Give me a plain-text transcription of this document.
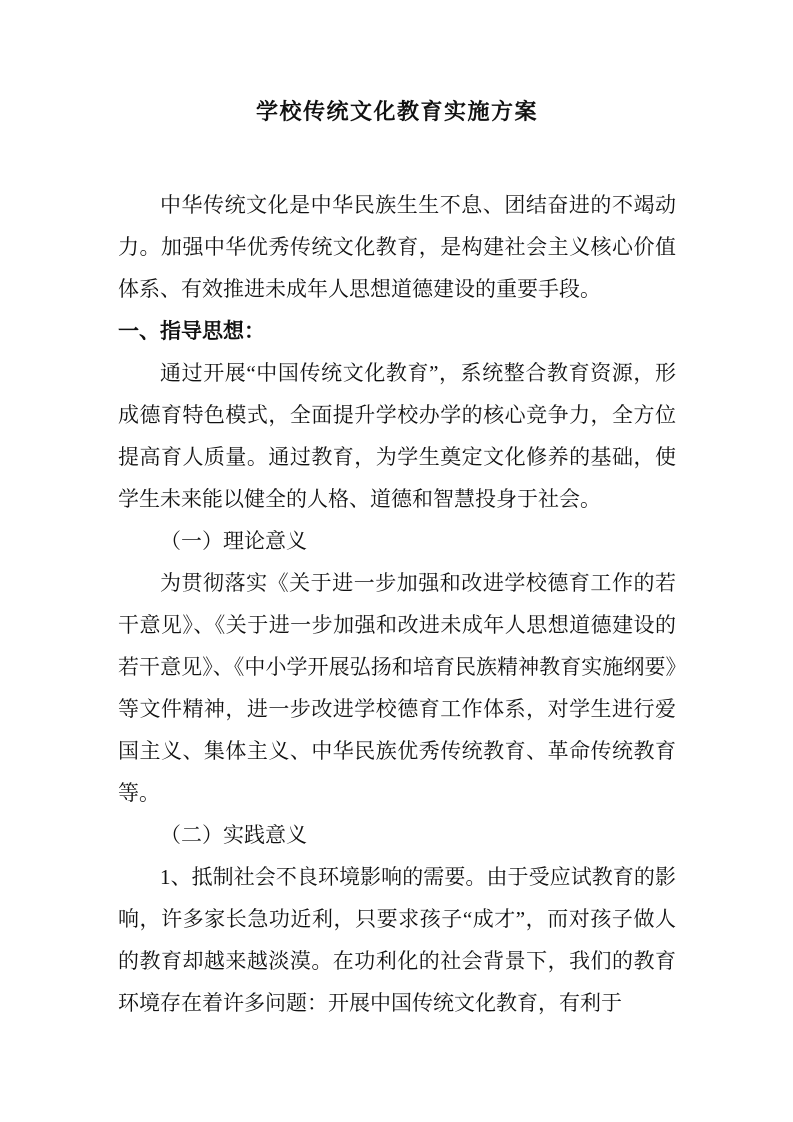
学校传统文化教育实施方案

中华传统文化是中华民族生生不息、团结奋进的不竭动力。加强中华优秀传统文化教育，是构建社会主义核心价值体系、有效推进未成年人思想道德建设的重要手段。

一、指导思想：

通过开展“中国传统文化教育”，系统整合教育资源，形成德育特色模式，全面提升学校办学的核心竞争力，全方位提高育人质量。通过教育，为学生奠定文化修养的基础，使学生未来能以健全的人格、道德和智慧投身于社会。

（一）理论意义

为贯彻落实《关于进一步加强和改进学校德育工作的若干意见》、《关于进一步加强和改进未成年人思想道德建设的若干意见》、《中小学开展弘扬和培育民族精神教育实施纲要》等文件精神，进一步改进学校德育工作体系，对学生进行爱国主义、集体主义、中华民族优秀传统教育、革命传统教育等。

（二）实践意义

1、抵制社会不良环境影响的需要。由于受应试教育的影响，许多家长急功近利，只要求孩子“成才”，而对孩子做人的教育却越来越淡漠。在功利化的社会背景下，我们的教育环境存在着许多问题：开展中国传统文化教育，有利于
